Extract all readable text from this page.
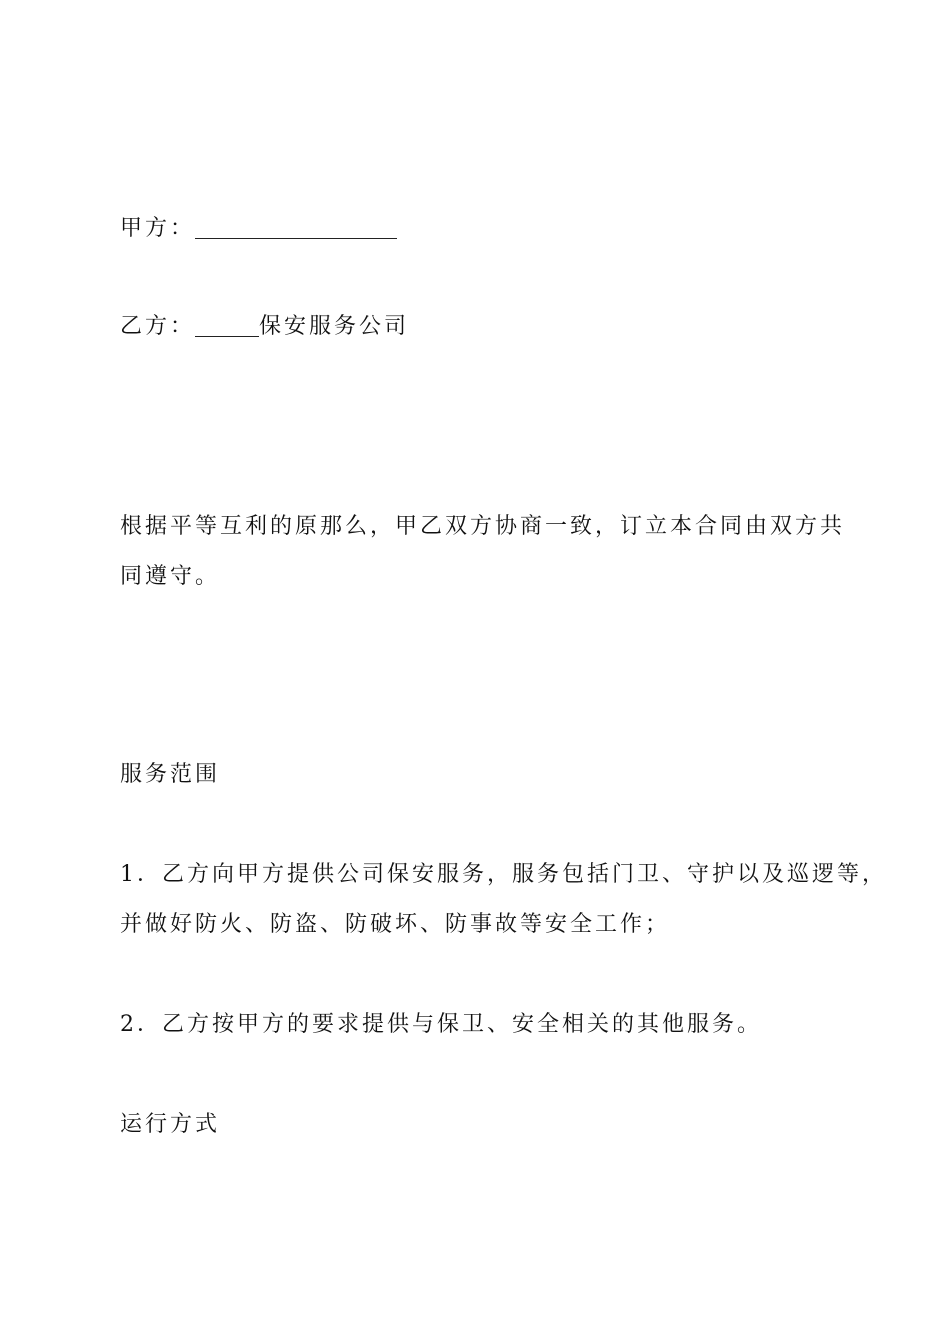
甲方：
乙方：	保安服务公司
根据平等互利的原那么，甲乙双方协商一致，订立本合同由双方共
同遵守。
服务范围
1．乙方向甲方提供公司保安服务，服务包括门卫、守护以及巡逻等，
并做好防火、防盗、防破坏、防事故等安全工作；
2．乙方按甲方的要求提供与保卫、安全相关的其他服务。
运行方式
